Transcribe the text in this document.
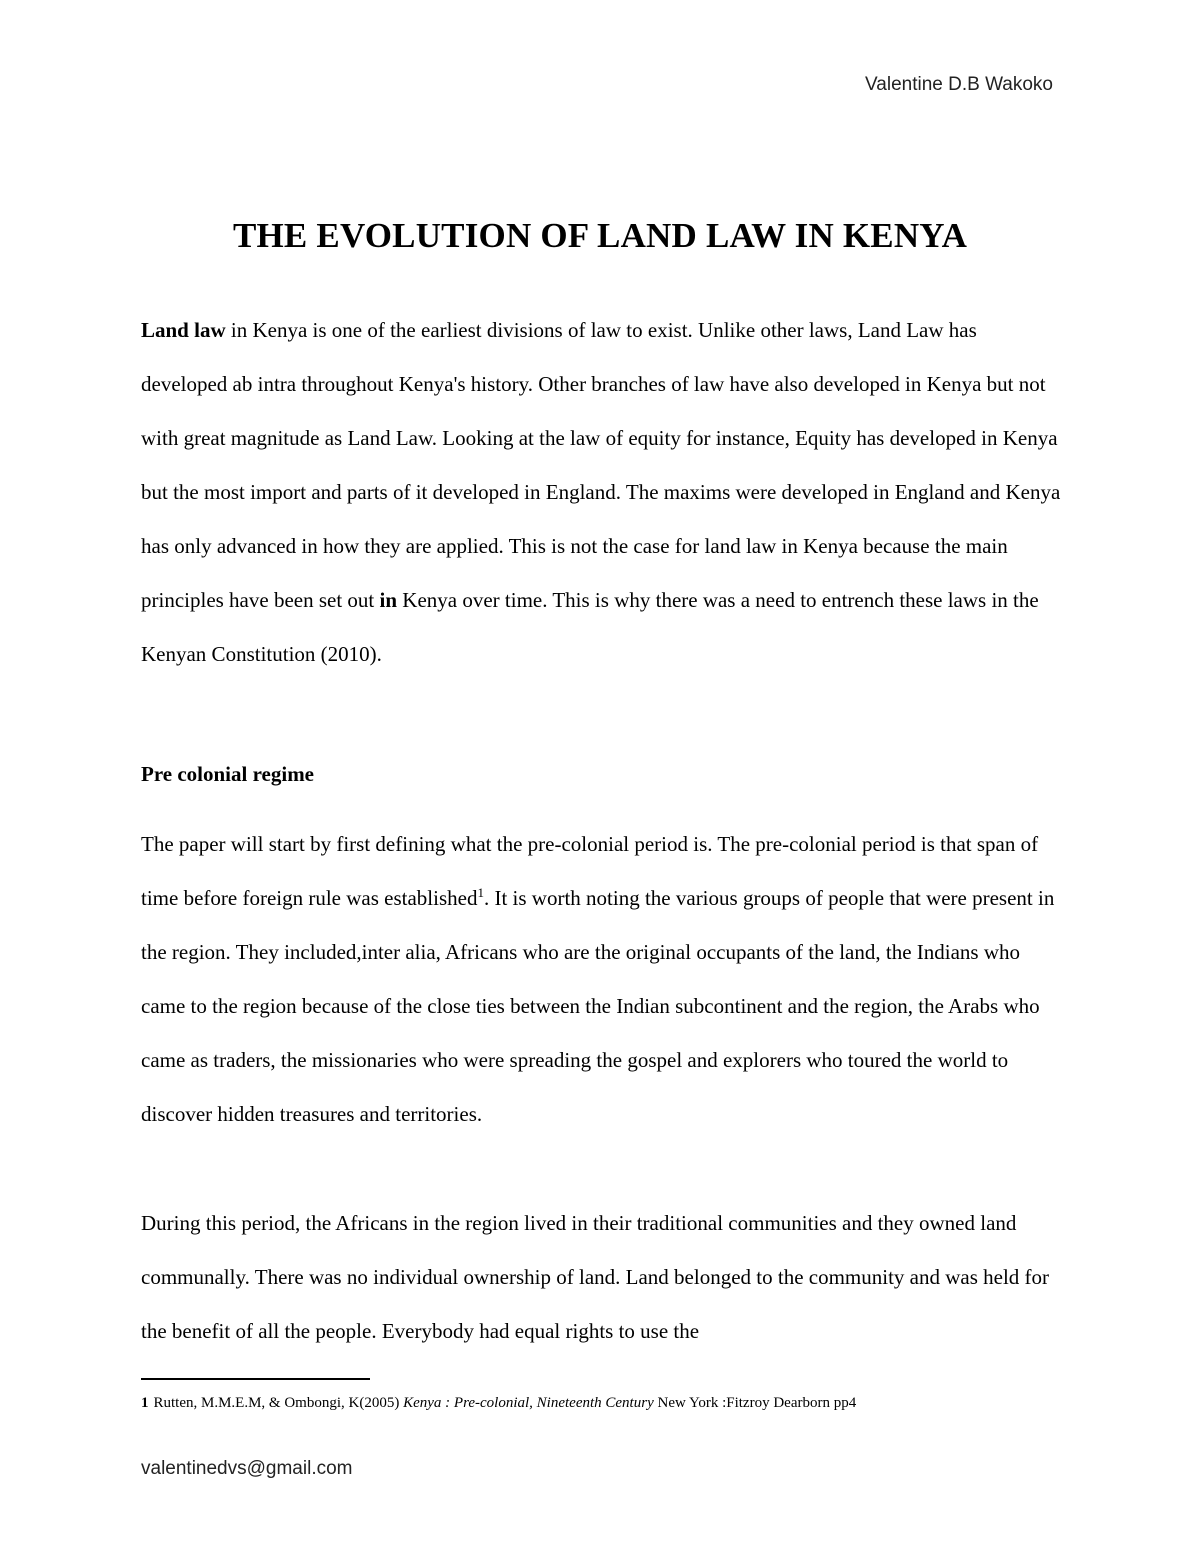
Valentine D.B Wakoko
THE EVOLUTION OF LAND LAW IN KENYA

Land law in Kenya is one of the earliest divisions of law to exist. Unlike other laws, Land Law has developed ab intra throughout Kenya's history. Other branches of law have also developed in Kenya but not with great magnitude as Land Law. Looking at the law of equity for instance, Equity has developed in Kenya but the most import and parts of it developed in England. The maxims were developed in England and Kenya has only advanced in how they are applied. This is not the case for land law in Kenya because the main principles have been set out in Kenya over time. This is why there was a need to entrench these laws in the Kenyan Constitution (2010).

Pre colonial regime

The paper will start by first defining what the pre-colonial period is. The pre-colonial period is that span of time before foreign rule was established$^1$. It is worth noting the various groups of people that were present in the region. They included,inter alia, Africans who are the original occupants of the land, the Indians who came to the region because of the close ties between the Indian subcontinent and the region, the Arabs who came as traders, the missionaries who were spreading the gospel and explorers who toured the world to discover hidden treasures and territories.

During this period, the Africans in the region lived in their traditional communities and they owned land communally. There was no individual ownership of land. Land belonged to the community and was held for the benefit of all the people. Everybody had equal rights to use the

1 Rutten, M.M.E.M, & Ombongi, K(2005) Kenya : Pre-colonial, Nineteenth Century New York :Fitzroy Dearborn pp4
valentinedvs@gmail.com
